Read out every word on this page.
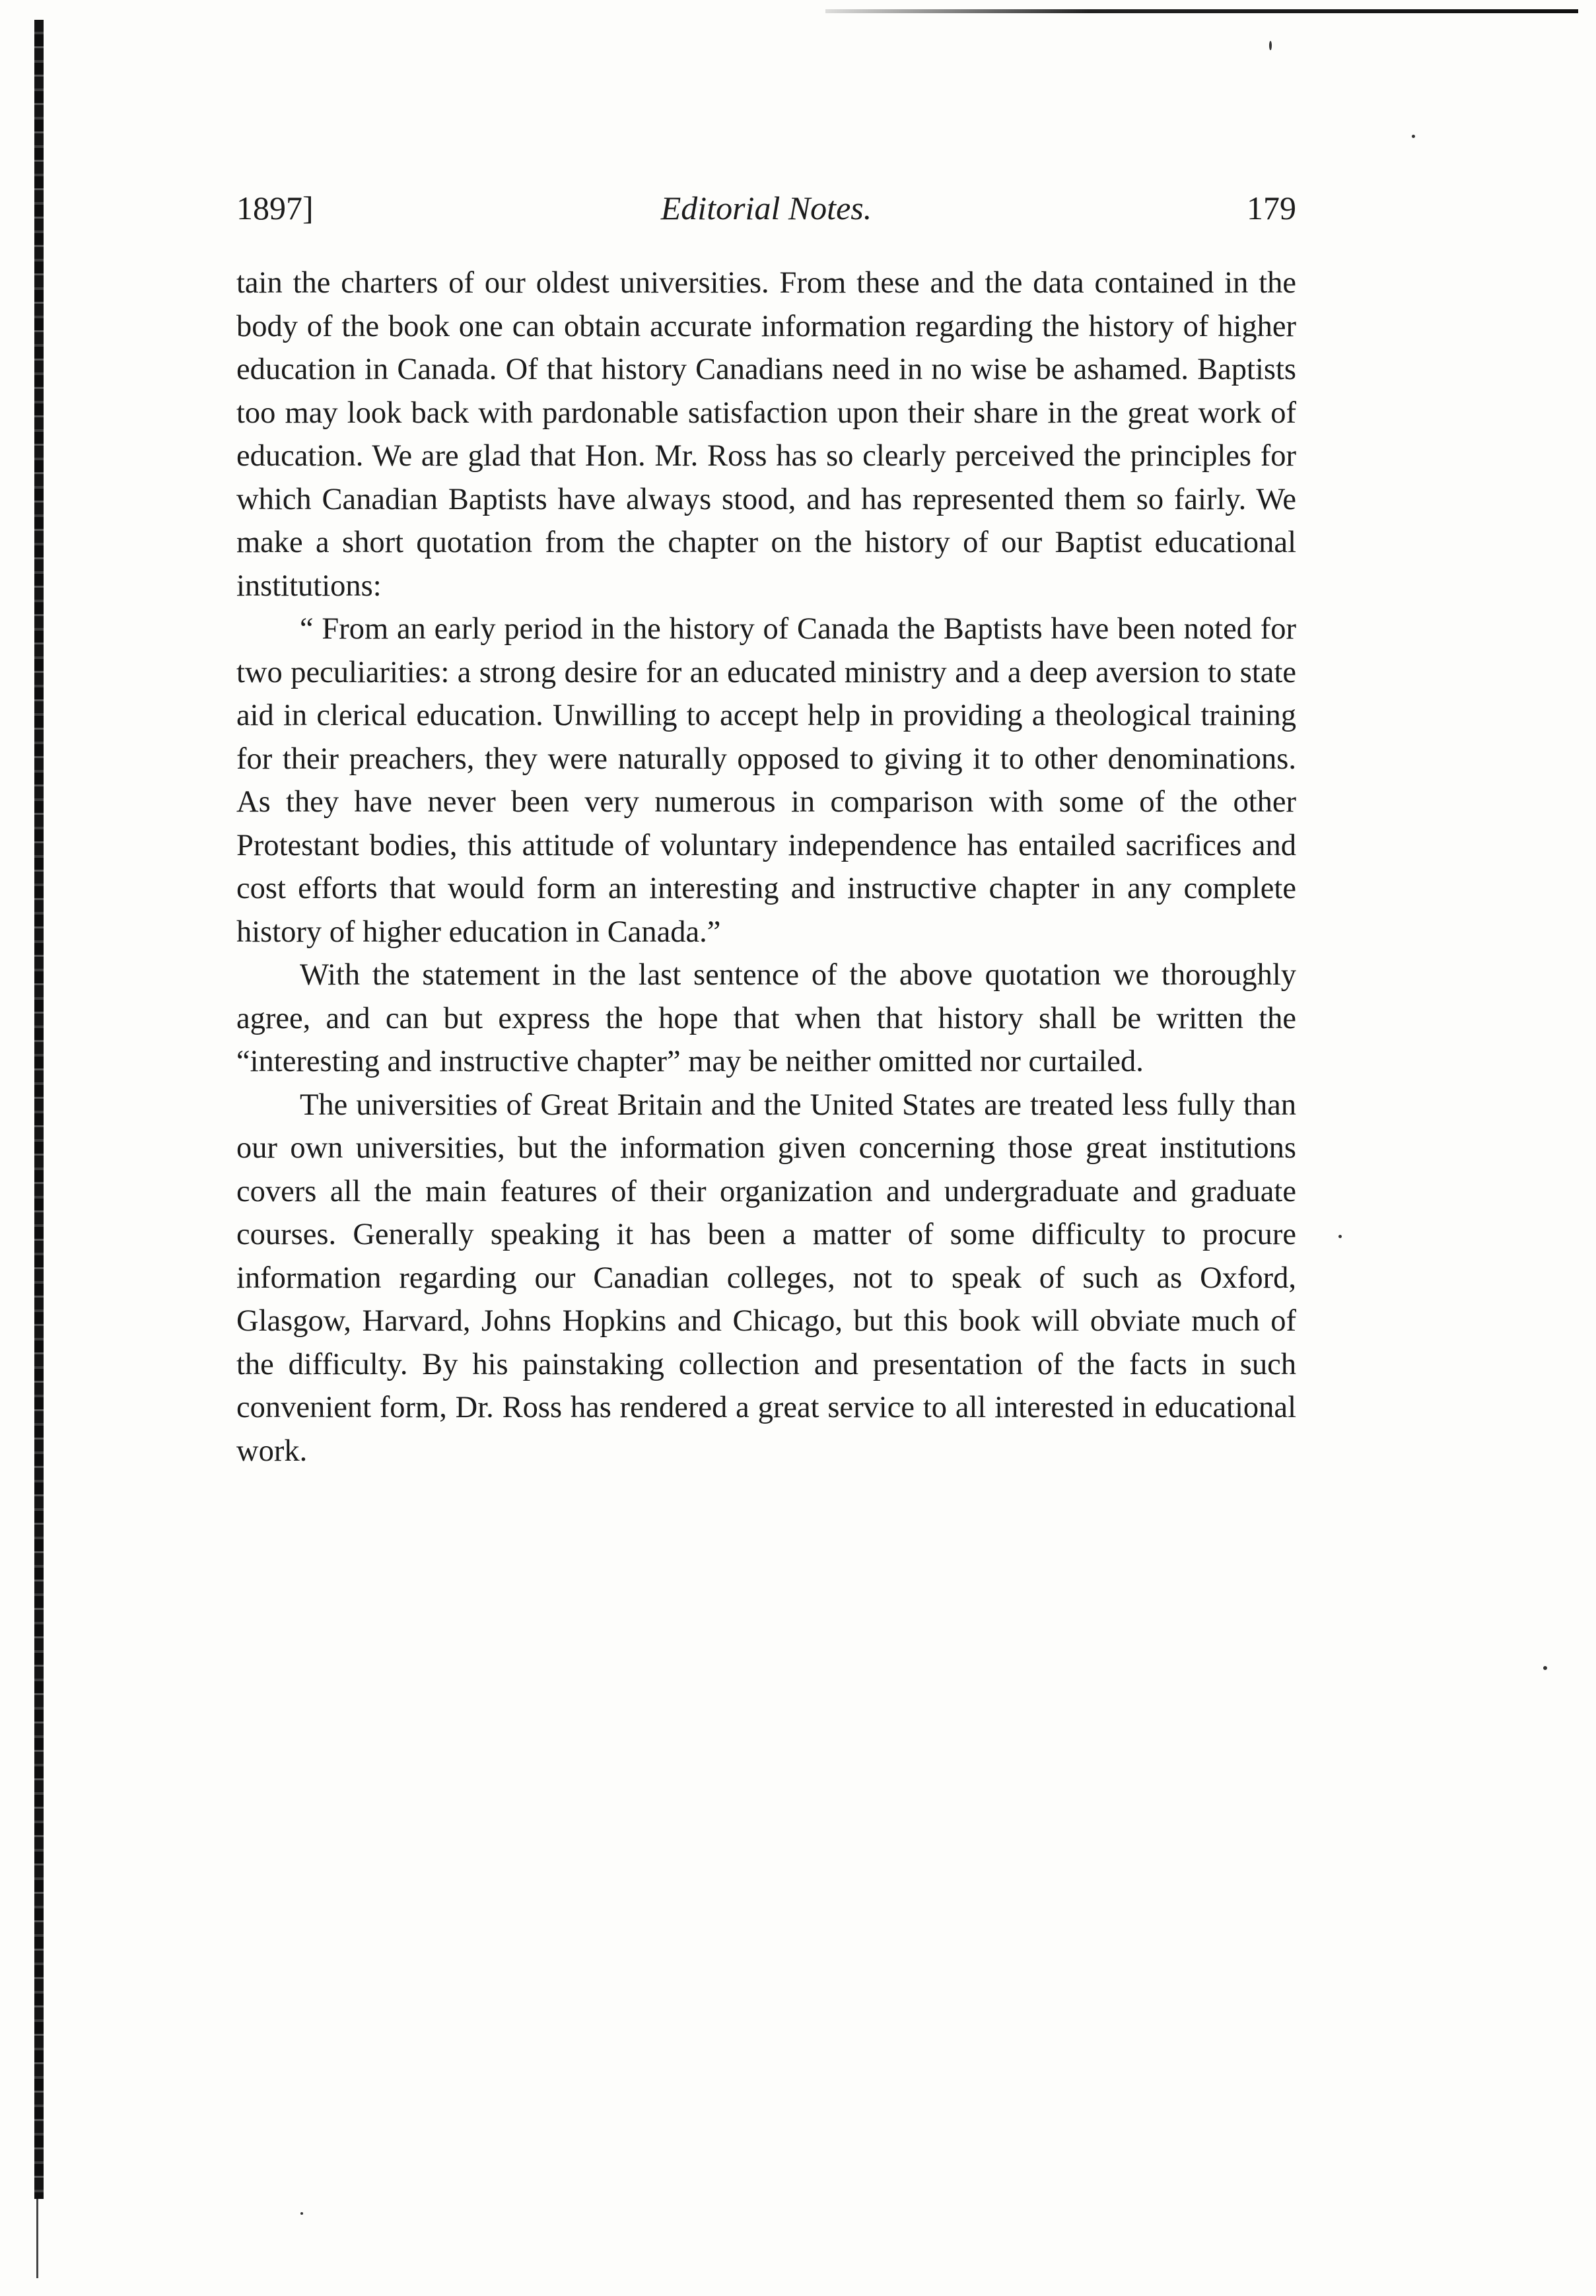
1897]	Editorial Notes.	179

tain the charters of our oldest universities. From these and the data contained in the body of the book one can obtain accurate information regarding the history of higher education in Canada. Of that history Canadians need in no wise be ashamed. Baptists too may look back with pardonable satisfaction upon their share in the great work of education. We are glad that Hon. Mr. Ross has so clearly perceived the principles for which Canadian Baptists have always stood, and has represented them so fairly. We make a short quotation from the chapter on the history of our Baptist educational institutions:

“ From an early period in the history of Canada the Baptists have been noted for two peculiarities: a strong desire for an educated ministry and a deep aversion to state aid in clerical education. Unwilling to accept help in providing a theological training for their preachers, they were naturally opposed to giving it to other denominations. As they have never been very numerous in comparison with some of the other Protestant bodies, this attitude of voluntary independence has entailed sacrifices and cost efforts that would form an interesting and instructive chapter in any complete history of higher education in Canada.”

With the statement in the last sentence of the above quotation we thoroughly agree, and can but express the hope that when that history shall be written the “interesting and instructive chapter” may be neither omitted nor curtailed.

The universities of Great Britain and the United States are treated less fully than our own universities, but the information given concerning those great institutions covers all the main features of their organization and undergraduate and graduate courses. Generally speaking it has been a matter of some difficulty to procure information regarding our Canadian colleges, not to speak of such as Oxford, Glasgow, Harvard, Johns Hopkins and Chicago, but this book will obviate much of the difficulty. By his painstaking collection and presentation of the facts in such convenient form, Dr. Ross has rendered a great service to all interested in educational work.
